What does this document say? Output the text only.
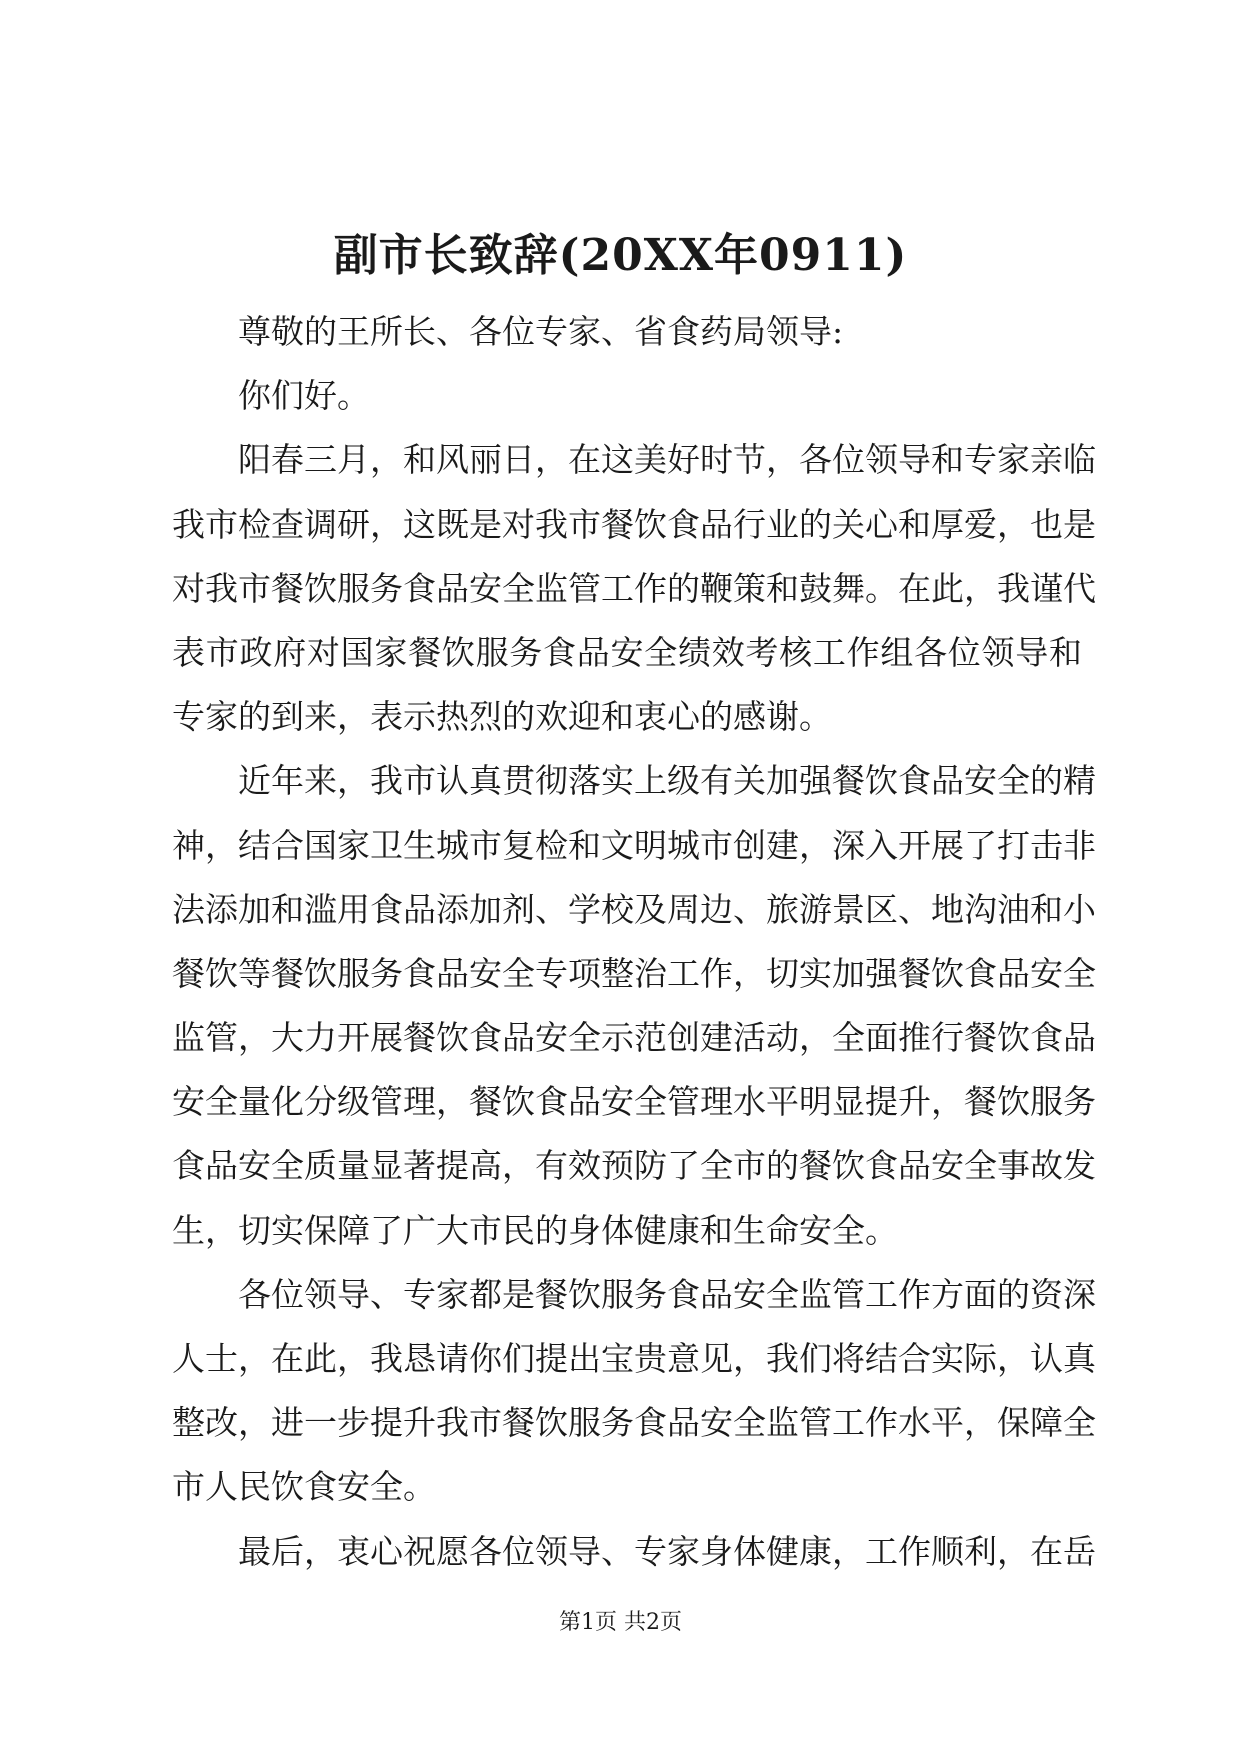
副市长致辞(20XX年0911)
尊敬的王所长、各位专家、省食药局领导:
你们好。
阳春三月，和风丽日，在这美好时节，各位领导和专家亲临
我市检查调研，这既是对我市餐饮食品行业的关心和厚爱，也是
对我市餐饮服务食品安全监管工作的鞭策和鼓舞。在此，我谨代
表市政府对国家餐饮服务食品安全绩效考核工作组各位领导和
专家的到来，表示热烈的欢迎和衷心的感谢。
近年来，我市认真贯彻落实上级有关加强餐饮食品安全的精
神，结合国家卫生城市复检和文明城市创建，深入开展了打击非
法添加和滥用食品添加剂、学校及周边、旅游景区、地沟油和小
餐饮等餐饮服务食品安全专项整治工作，切实加强餐饮食品安全
监管，大力开展餐饮食品安全示范创建活动，全面推行餐饮食品
安全量化分级管理，餐饮食品安全管理水平明显提升，餐饮服务
食品安全质量显著提高，有效预防了全市的餐饮食品安全事故发
生，切实保障了广大市民的身体健康和生命安全。
各位领导、专家都是餐饮服务食品安全监管工作方面的资深
人士，在此，我恳请你们提出宝贵意见，我们将结合实际，认真
整改，进一步提升我市餐饮服务食品安全监管工作水平，保障全
市人民饮食安全。
最后，衷心祝愿各位领导、专家身体健康，工作顺利，在岳
第1页 共2页
